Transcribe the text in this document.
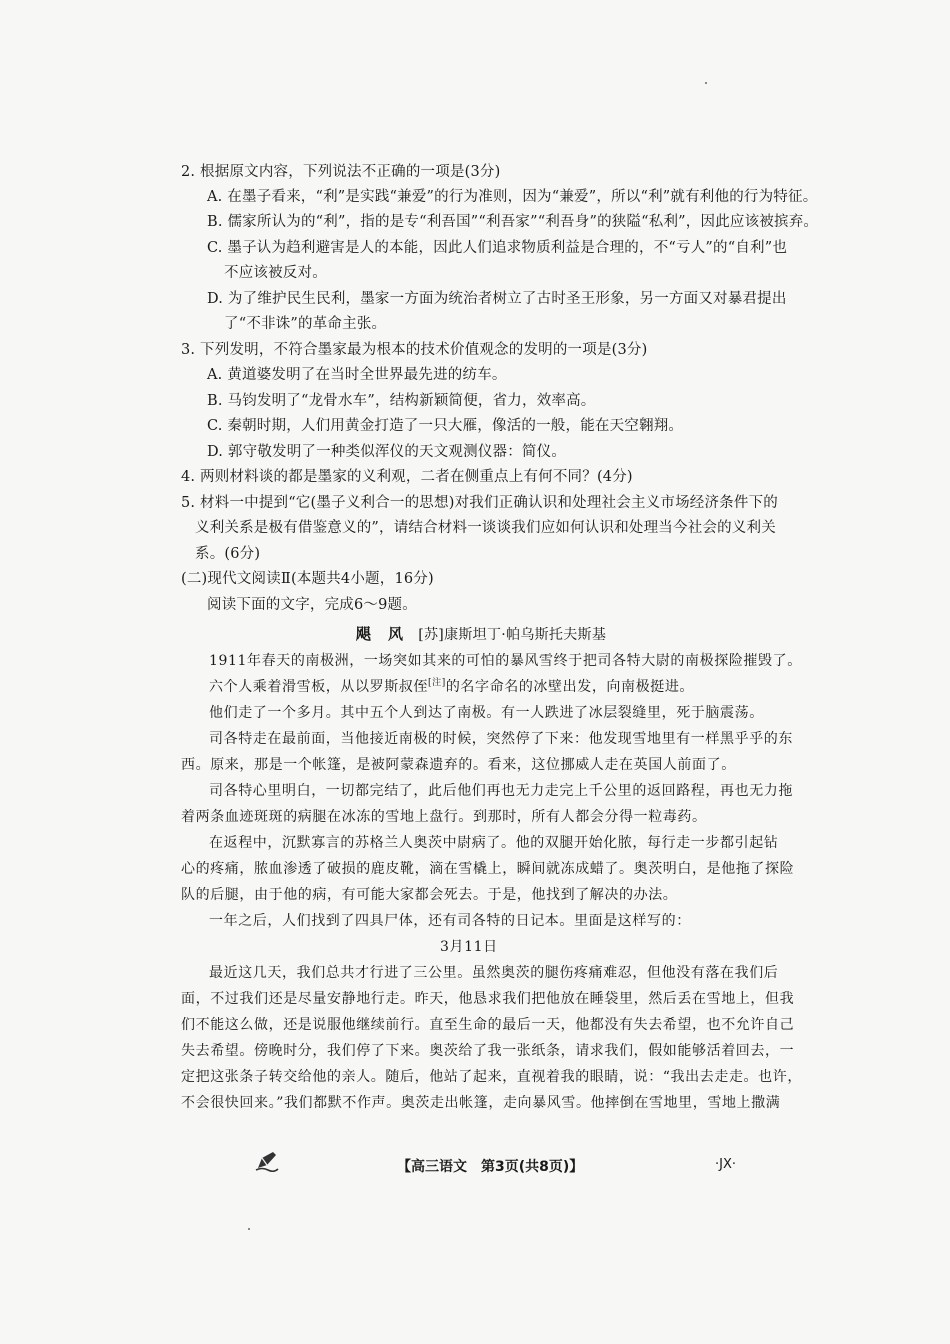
2. 根据原文内容，下列说法不正确的一项是(3分)
A. 在墨子看来，“利”是实践“兼爱”的行为准则，因为“兼爱”，所以“利”就有利他的行为特征。
B. 儒家所认为的“利”，指的是专“利吾国”“利吾家”“利吾身”的狭隘“私利”，因此应该被摈弃。
C. 墨子认为趋利避害是人的本能，因此人们追求物质利益是合理的，不“亏人”的“自利”也
不应该被反对。
D. 为了维护民生民利，墨家一方面为统治者树立了古时圣王形象，另一方面又对暴君提出
了“不非诛”的革命主张。
3. 下列发明，不符合墨家最为根本的技术价值观念的发明的一项是(3分)
A. 黄道婆发明了在当时全世界最先进的纺车。
B. 马钧发明了“龙骨水车”，结构新颖简便，省力，效率高。
C. 秦朝时期，人们用黄金打造了一只大雁，像活的一般，能在天空翱翔。
D. 郭守敬发明了一种类似浑仪的天文观测仪器：简仪。
4. 两则材料谈的都是墨家的义利观，二者在侧重点上有何不同？(4分)
5. 材料一中提到“它(墨子义利合一的思想)对我们正确认识和处理社会主义市场经济条件下的
义利关系是极有借鉴意义的”，请结合材料一谈谈我们应如何认识和处理当今社会的义利关
系。(6分)
(二)现代文阅读Ⅱ(本题共4小题，16分)
阅读下面的文字，完成6～9题。
飓　风 [苏]康斯坦丁·帕乌斯托夫斯基
1911年春天的南极洲，一场突如其来的可怕的暴风雪终于把司各特大尉的南极探险摧毁了。
六个人乘着滑雪板，从以罗斯叔侄[注]的名字命名的冰壁出发，向南极挺进。
他们走了一个多月。其中五个人到达了南极。有一人跌进了冰层裂缝里，死于脑震荡。
司各特走在最前面，当他接近南极的时候，突然停了下来：他发现雪地里有一样黑乎乎的东
西。原来，那是一个帐篷，是被阿蒙森遗弃的。看来，这位挪威人走在英国人前面了。
司各特心里明白，一切都完结了，此后他们再也无力走完上千公里的返回路程，再也无力拖
着两条血迹斑斑的病腿在冰冻的雪地上盘行。到那时，所有人都会分得一粒毒药。
在返程中，沉默寡言的苏格兰人奥茨中尉病了。他的双腿开始化脓，每行走一步都引起钻
心的疼痛，脓血渗透了破损的鹿皮靴，滴在雪橇上，瞬间就冻成蜡了。奥茨明白，是他拖了探险
队的后腿，由于他的病，有可能大家都会死去。于是，他找到了解决的办法。
一年之后，人们找到了四具尸体，还有司各特的日记本。里面是这样写的：
3月11日
最近这几天，我们总共才行进了三公里。虽然奥茨的腿伤疼痛难忍，但他没有落在我们后
面，不过我们还是尽量安静地行走。昨天，他恳求我们把他放在睡袋里，然后丢在雪地上，但我
们不能这么做，还是说服他继续前行。直至生命的最后一天，他都没有失去希望，也不允许自己
失去希望。傍晚时分，我们停了下来。奥茨给了我一张纸条，请求我们，假如能够活着回去，一
定把这张条子转交给他的亲人。随后，他站了起来，直视着我的眼睛，说：“我出去走走。也许，
不会很快回来。”我们都默不作声。奥茨走出帐篷，走向暴风雪。他摔倒在雪地里，雪地上撒满
【高三语文　第3页(共8页)】	·JX·
